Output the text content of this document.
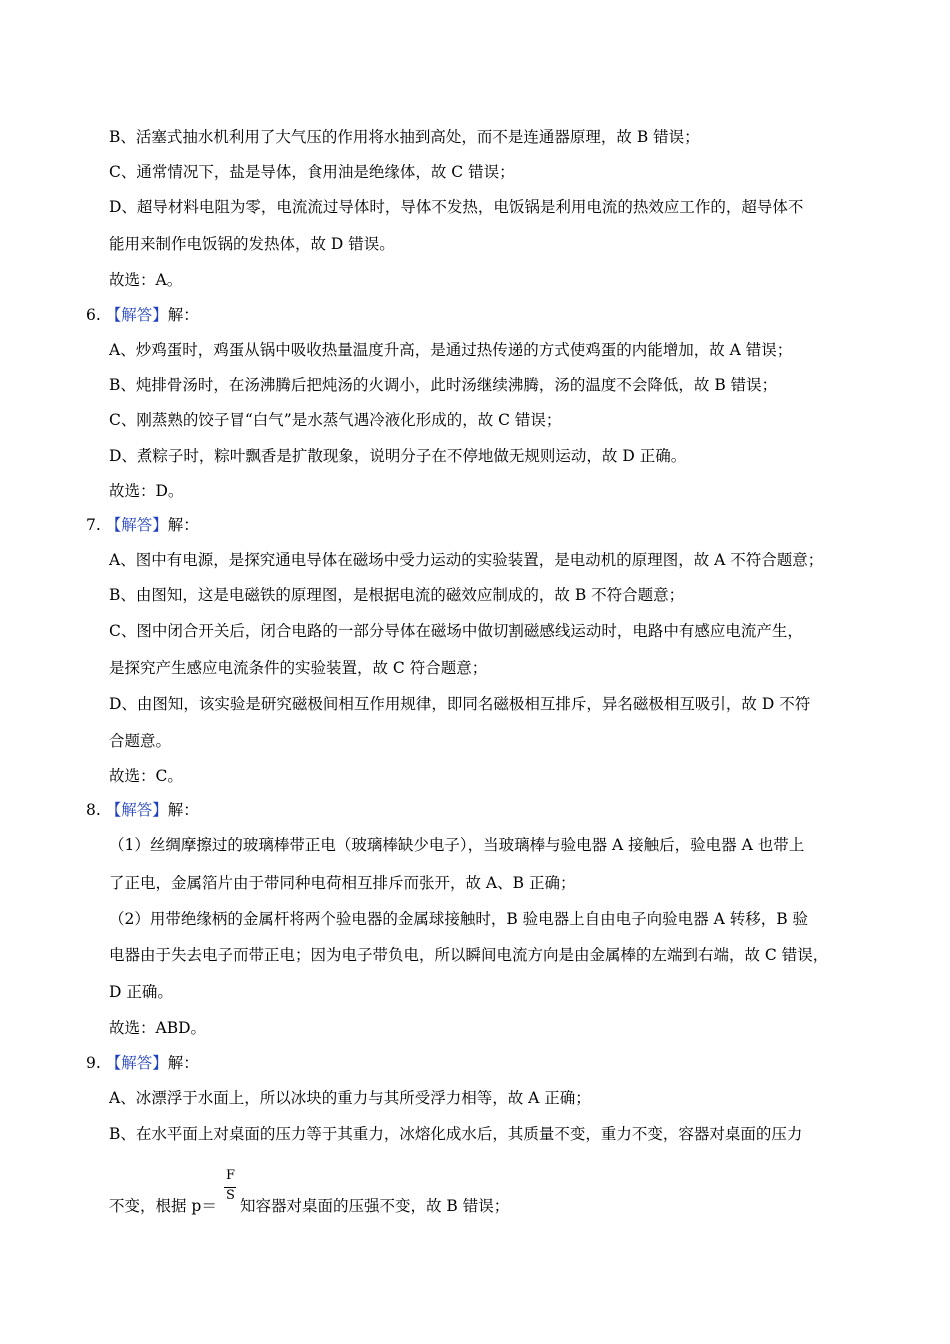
B、活塞式抽水机利用了大气压的作用将水抽到高处，而不是连通器原理，故 B 错误；
C、通常情况下，盐是导体，食用油是绝缘体，故 C 错误；
D、超导材料电阻为零，电流流过导体时，导体不发热，电饭锅是利用电流的热效应工作的，超导体不
能用来制作电饭锅的发热体，故 D 错误。
故选：A。
6. 【解答】解：
A、炒鸡蛋时，鸡蛋从锅中吸收热量温度升高，是通过热传递的方式使鸡蛋的内能增加，故 A 错误；
B、炖排骨汤时，在汤沸腾后把炖汤的火调小，此时汤继续沸腾，汤的温度不会降低，故 B 错误；
C、刚蒸熟的饺子冒“白气”是水蒸气遇冷液化形成的，故 C 错误；
D、煮粽子时，粽叶飘香是扩散现象，说明分子在不停地做无规则运动，故 D 正确。
故选：D。
7. 【解答】解：
A、图中有电源，是探究通电导体在磁场中受力运动的实验装置，是电动机的原理图，故 A 不符合题意；
B、由图知，这是电磁铁的原理图，是根据电流的磁效应制成的，故 B 不符合题意；
C、图中闭合开关后，闭合电路的一部分导体在磁场中做切割磁感线运动时，电路中有感应电流产生，
是探究产生感应电流条件的实验装置，故 C 符合题意；
D、由图知，该实验是研究磁极间相互作用规律，即同名磁极相互排斥，异名磁极相互吸引，故 D 不符
合题意。
故选：C。
8. 【解答】解：
（1）丝绸摩擦过的玻璃棒带正电（玻璃棒缺少电子），当玻璃棒与验电器 A 接触后，验电器 A 也带上
了正电，金属箔片由于带同种电荷相互排斥而张开，故 A、B 正确；
（2）用带绝缘柄的金属杆将两个验电器的金属球接触时，B 验电器上自由电子向验电器 A 转移，B 验
电器由于失去电子而带正电；因为电子带负电，所以瞬间电流方向是由金属棒的左端到右端，故 C 错误，
D 正确。
故选：ABD。
9. 【解答】解：
A、冰漂浮于水面上，所以冰块的重力与其所受浮力相等，故 A 正确；
B、在水平面上对桌面的压力等于其重力，冰熔化成水后，其质量不变，重力不变，容器对桌面的压力
不变，根据 p＝
F
S
知容器对桌面的压强不变，故 B 错误；
